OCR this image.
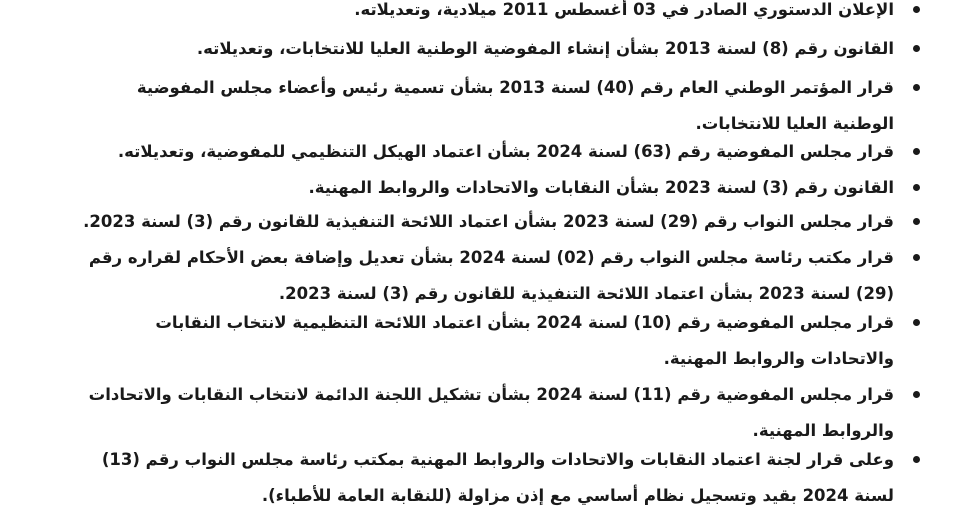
الإعلان الدستوري الصادر في 03 أغسطس 2011 ميلادية، وتعديلاته.
القانون رقم (8) لسنة 2013 بشأن إنشاء المفوضية الوطنية العليا للانتخابات، وتعديلاته.
قرار المؤتمر الوطني العام رقم (40) لسنة 2013 بشأن تسمية رئيس وأعضاء مجلس المفوضية الوطنية العليا للانتخابات.
قرار مجلس المفوضية رقم (63) لسنة 2024 بشأن اعتماد الهيكل التنظيمي للمفوضية، وتعديلاته.
القانون رقم (3) لسنة 2023 بشأن النقابات والاتحادات والروابط المهنية.
قرار مجلس النواب رقم (29) لسنة 2023 بشأن اعتماد اللائحة التنفيذية للقانون رقم (3) لسنة 2023.
قرار مكتب رئاسة مجلس النواب رقم (02) لسنة 2024 بشأن تعديل وإضافة بعض الأحكام لقراره رقم (29) لسنة 2023 بشأن اعتماد اللائحة التنفيذية للقانون رقم (3) لسنة 2023.
قرار مجلس المفوضية رقم (10) لسنة 2024 بشأن اعتماد اللائحة التنظيمية لانتخاب النقابات والاتحادات والروابط المهنية.
قرار مجلس المفوضية رقم (11) لسنة 2024 بشأن تشكيل اللجنة الدائمة لانتخاب النقابات والاتحادات والروابط المهنية.
وعلى قرار لجنة اعتماد النقابات والاتحادات والروابط المهنية بمكتب رئاسة مجلس النواب رقم (13) لسنة 2024 بقيد وتسجيل نظام أساسي مع إذن مزاولة (للنقابة العامة للأطباء).
